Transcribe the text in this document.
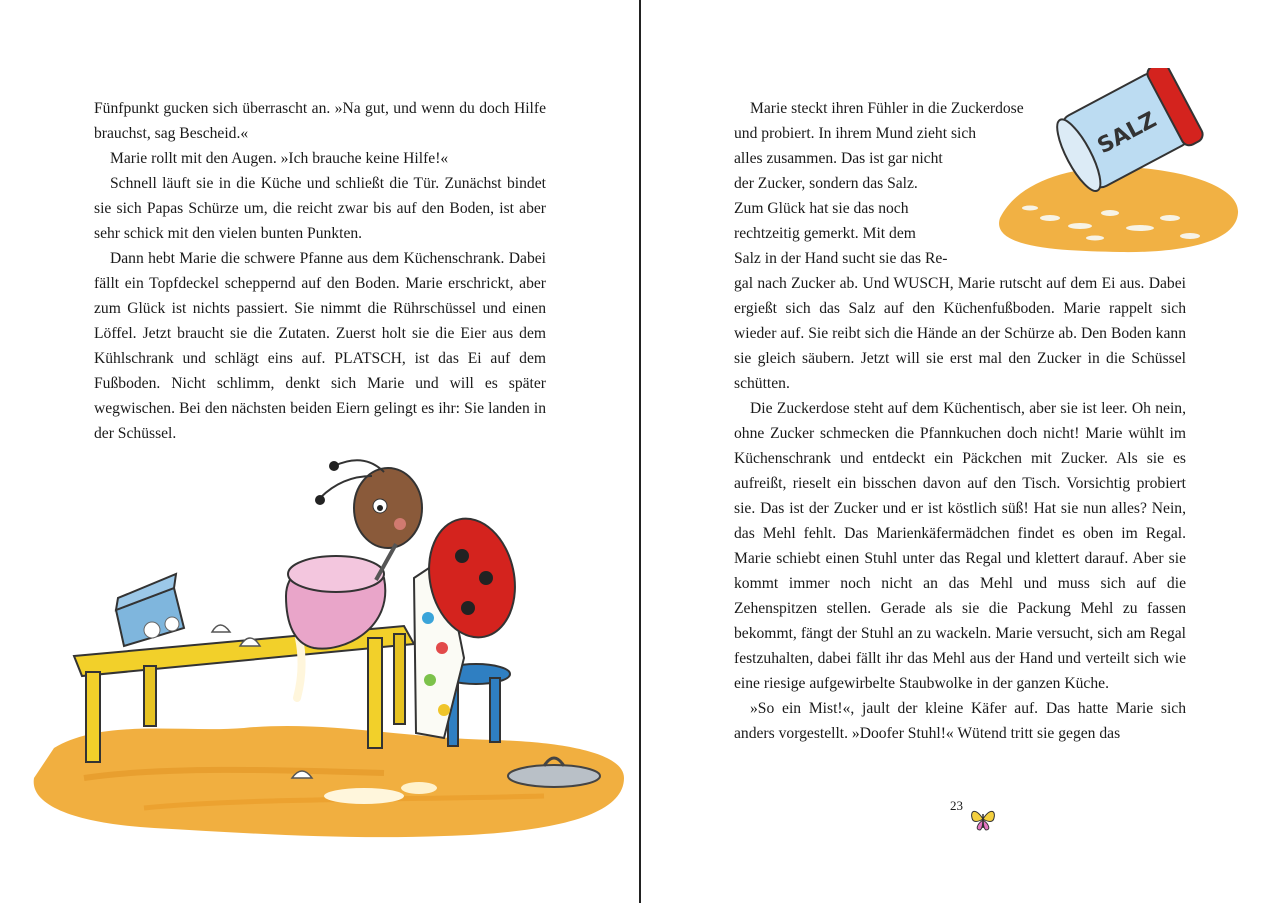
Fünfpunkt gucken sich überrascht an. »Na gut, und wenn du doch Hilfe brauchst, sag Bescheid.«

Marie rollt mit den Augen. »Ich brauche keine Hilfe!«

Schnell läuft sie in die Küche und schließt die Tür. Zunächst bindet sie sich Papas Schürze um, die reicht zwar bis auf den Boden, ist aber sehr schick mit den vielen bunten Punkten.

Dann hebt Marie die schwere Pfanne aus dem Küchenschrank. Dabei fällt ein Topfdeckel scheppernd auf den Boden. Marie erschrickt, aber zum Glück ist nichts passiert. Sie nimmt die Rührschüssel und einen Löffel. Jetzt braucht sie die Zutaten. Zuerst holt sie die Eier aus dem Kühlschrank und schlägt eins auf. PLATSCH, ist das Ei auf dem Fußboden. Nicht schlimm, denkt sich Marie und will es später wegwischen. Bei den nächsten beiden Eiern gelingt es ihr: Sie landen in der Schüssel.

Marie steckt ihren Fühler in die Zuckerdose
und probiert. In ihrem Mund zieht sich
alles zusammen. Das ist gar nicht
der Zucker, sondern das Salz.
Zum Glück hat sie das noch
rechtzeitig gemerkt. Mit dem
Salz in der Hand sucht sie das Re-
gal nach Zucker ab. Und WUSCH, Marie rutscht auf dem Ei aus. Dabei ergießt sich das Salz auf den Küchenfußboden. Marie rappelt sich wieder auf. Sie reibt sich die Hände an der Schürze ab. Den Boden kann sie gleich säubern. Jetzt will sie erst mal den Zucker in die Schüssel schütten.

Die Zuckerdose steht auf dem Küchentisch, aber sie ist leer. Oh nein, ohne Zucker schmecken die Pfannkuchen doch nicht! Marie wühlt im Küchenschrank und entdeckt ein Päckchen mit Zucker. Als sie es aufreißt, rieselt ein bisschen davon auf den Tisch. Vorsichtig probiert sie. Das ist der Zucker und er ist köstlich süß! Hat sie nun alles? Nein, das Mehl fehlt. Das Marienkäfermädchen findet es oben im Regal. Marie schiebt einen Stuhl unter das Regal und klettert darauf. Aber sie kommt immer noch nicht an das Mehl und muss sich auf die Zehenspitzen stellen. Gerade als sie die Packung Mehl zu fassen bekommt, fängt der Stuhl an zu wackeln. Marie versucht, sich am Regal festzuhalten, dabei fällt ihr das Mehl aus der Hand und verteilt sich wie eine riesige aufgewirbelte Staubwolke in der ganzen Küche.

»So ein Mist!«, jault der kleine Käfer auf. Das hatte Marie sich anders vorgestellt. »Doofer Stuhl!« Wütend tritt sie gegen das

SALZ
23
